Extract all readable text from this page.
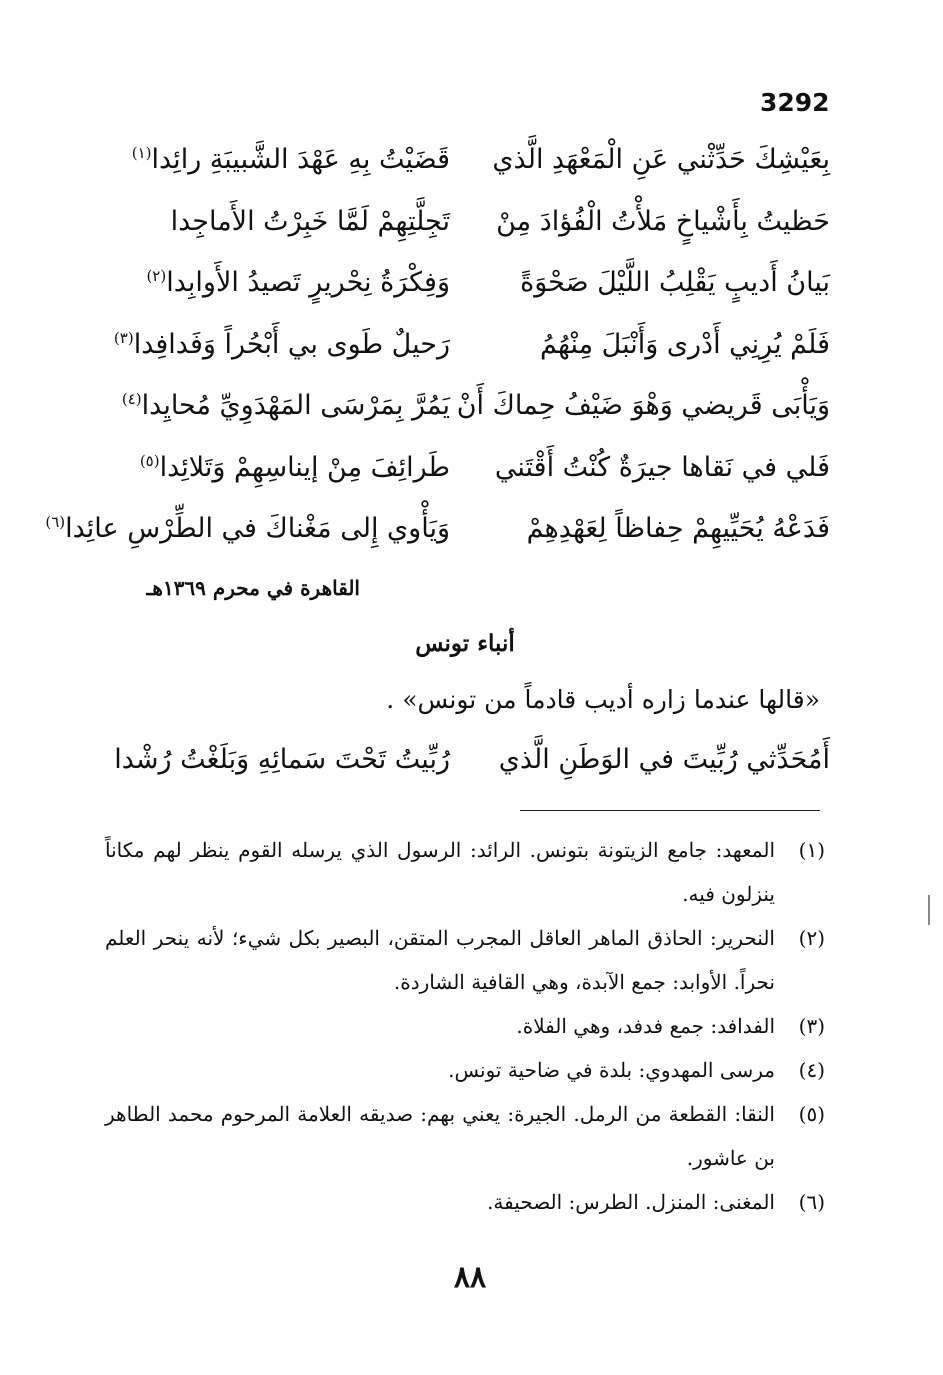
3292
بِعَيْشِكَ حَدِّثْني عَنِ الْمَعْهَدِ الَّذي
قَضَيْتُ بِهِ عَهْدَ الشَّبيبَةِ رائِدا$^{(١)}$
حَظيتُ بِأَشْياخٍ مَلأْتُ الْفُؤادَ مِنْ
تَجِلَّتِهِمْ لَمَّا خَبِرْتُ الأَماجِدا
بَيانُ أَديبٍ يَقْلِبُ اللَّيْلَ صَحْوَةً
وَفِكْرَةُ نِحْريرٍ تَصيدُ الأَوابِدا$^{(٢)}$
فَلَمْ يُرِنِي أَدْرى وَأَنْبَلَ مِنْهُمُ
رَحيلٌ طَوى بي أَبْحُراً وَفَدافِدا$^{(٣)}$
وَيَأْبَى قَريضي وَهْوَ ضَيْفُ حِماكَ أَنْ
يَمُرَّ بِمَرْسَى المَهْدَوِيِّ مُحايِدا$^{(٤)}$
فَلي في نَقاها جيرَةٌ كُنْتُ أَقْتَني
طَرائِفَ مِنْ إيناسِهِمْ وَتَلائِدا$^{(٥)}$
فَدَعْهُ يُحَيِّيهِمْ حِفاظاً لِعَهْدِهِمْ
وَيَأْوي إِلى مَغْناكَ في الطِّرْسِ عائِدا$^{(٦)}$
القاهرة في محرم ١٣٦٩هـ
أنباء تونس
«قالها عندما زاره أديب قادماً من تونس» .
أَمُحَدِّثي رُبِّيتَ في الوَطَنِ الَّذي
رُبِّيتُ تَحْتَ سَمائِهِ وَبَلَغْتُ رُشْدا
(١)
المعهد: جامع الزيتونة بتونس. الرائد: الرسول الذي يرسله القوم ينظر لهم مكاناً ينزلون فيه.
(٢)
النحرير: الحاذق الماهر العاقل المجرب المتقن، البصير بكل شيء؛ لأنه ينحر العلم نحراً. الأوابد: جمع الآبدة، وهي القافية الشاردة.
(٣)
الفدافد: جمع فدفد، وهي الفلاة.
(٤)
مرسى المهدوي: بلدة في ضاحية تونس.
(٥)
النقا: القطعة من الرمل. الجيرة: يعني بهم: صديقه العلامة المرحوم محمد الطاهر بن عاشور.
(٦)
المغنى: المنزل. الطرس: الصحيفة.
٨٨
